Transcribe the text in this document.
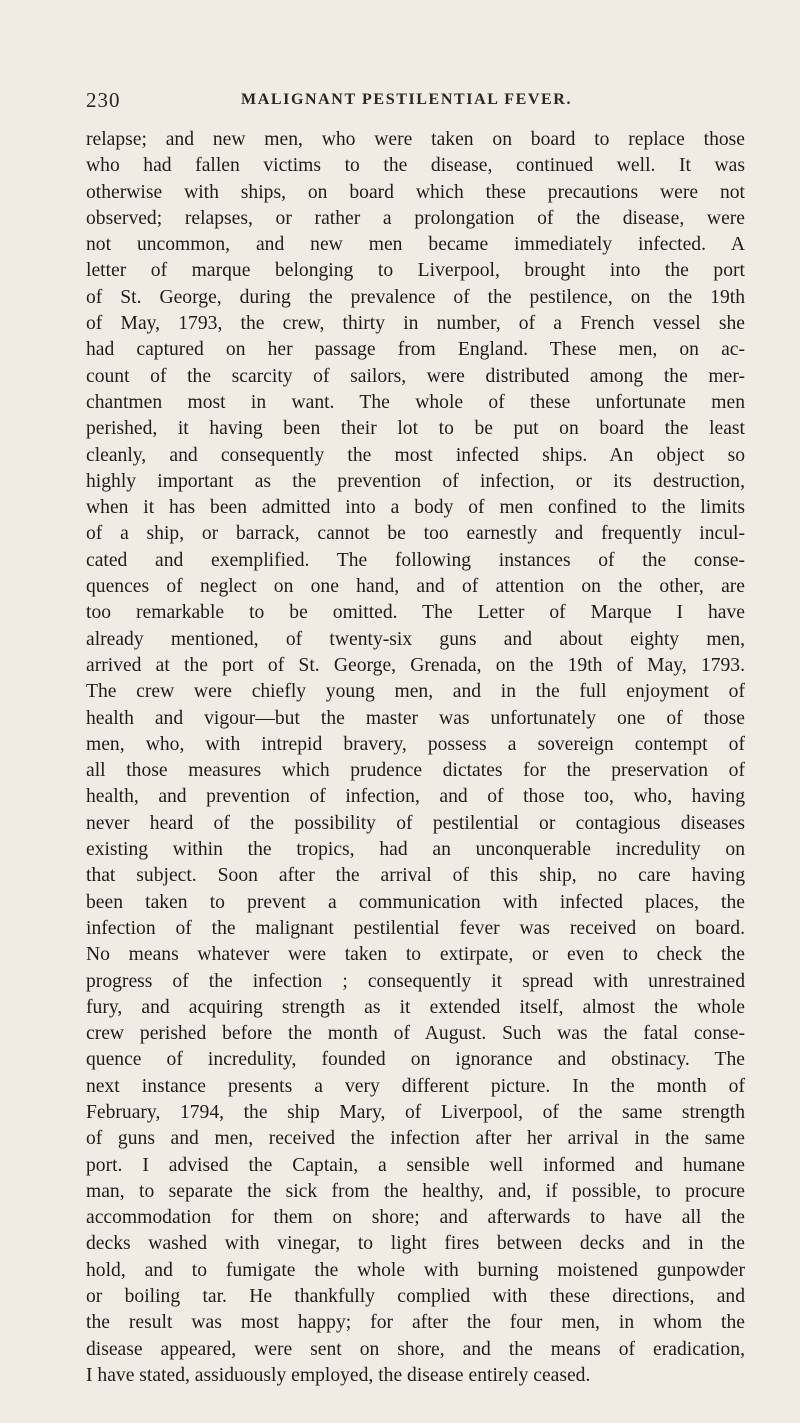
230	MALIGNANT PESTILENTIAL FEVER.
relapse; and new men, who were taken on board to replace those
who had fallen victims to the disease, continued well. It was
otherwise with ships, on board which these precautions were not
observed; relapses, or rather a prolongation of the disease, were
not uncommon, and new men became immediately infected. A
letter of marque belonging to Liverpool, brought into the port
of St. George, during the prevalence of the pestilence, on the 19th
of May, 1793, the crew, thirty in number, of a French vessel she
had captured on her passage from England. These men, on ac-
count of the scarcity of sailors, were distributed among the mer-
chantmen most in want. The whole of these unfortunate men
perished, it having been their lot to be put on board the least
cleanly, and consequently the most infected ships. An object so
highly important as the prevention of infection, or its destruction,
when it has been admitted into a body of men confined to the limits
of a ship, or barrack, cannot be too earnestly and frequently incul-
cated and exemplified. The following instances of the conse-
quences of neglect on one hand, and of attention on the other, are
too remarkable to be omitted. The Letter of Marque I have
already mentioned, of twenty-six guns and about eighty men,
arrived at the port of St. George, Grenada, on the 19th of May, 1793.
The crew were chiefly young men, and in the full enjoyment of
health and vigour—but the master was unfortunately one of those
men, who, with intrepid bravery, possess a sovereign contempt of
all those measures which prudence dictates for the preservation of
health, and prevention of infection, and of those too, who, having
never heard of the possibility of pestilential or contagious diseases
existing within the tropics, had an unconquerable incredulity on
that subject. Soon after the arrival of this ship, no care having
been taken to prevent a communication with infected places, the
infection of the malignant pestilential fever was received on board.
No means whatever were taken to extirpate, or even to check the
progress of the infection ; consequently it spread with unrestrained
fury, and acquiring strength as it extended itself, almost the whole
crew perished before the month of August. Such was the fatal conse-
quence of incredulity, founded on ignorance and obstinacy. The
next instance presents a very different picture. In the month of
February, 1794, the ship Mary, of Liverpool, of the same strength
of guns and men, received the infection after her arrival in the same
port. I advised the Captain, a sensible well informed and humane
man, to separate the sick from the healthy, and, if possible, to procure
accommodation for them on shore; and afterwards to have all the
decks washed with vinegar, to light fires between decks and in the
hold, and to fumigate the whole with burning moistened gunpowder
or boiling tar. He thankfully complied with these directions, and
the result was most happy; for after the four men, in whom the
disease appeared, were sent on shore, and the means of eradication,
I have stated, assiduously employed, the disease entirely ceased.
